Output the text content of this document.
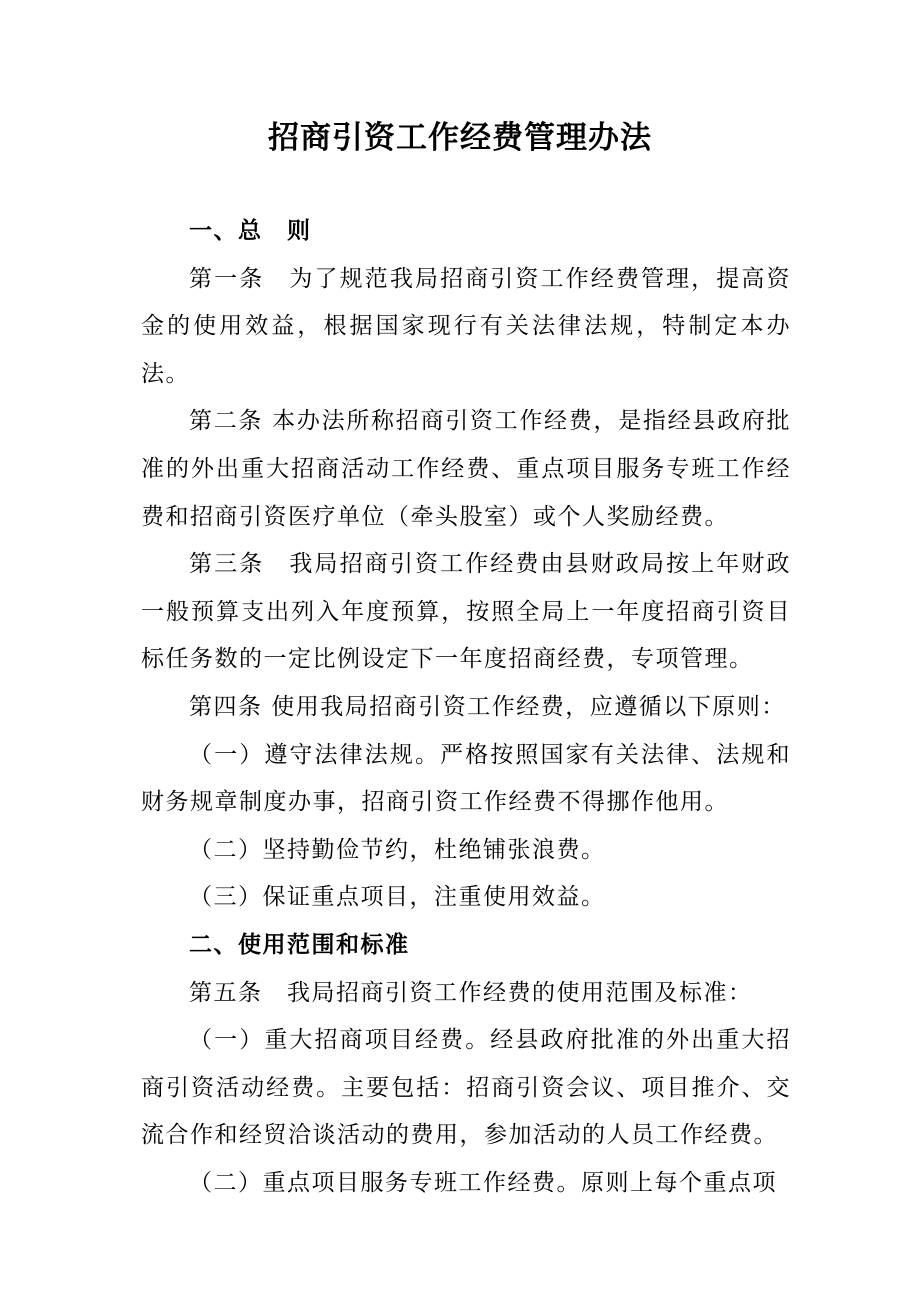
招商引资工作经费管理办法
一、总　则

第一条　为了规范我局招商引资工作经费管理，提高资金的使用效益，根据国家现行有关法律法规，特制定本办法。

第二条 本办法所称招商引资工作经费，是指经县政府批准的外出重大招商活动工作经费、重点项目服务专班工作经费和招商引资医疗单位（牵头股室）或个人奖励经费。

第三条　我局招商引资工作经费由县财政局按上年财政一般预算支出列入年度预算，按照全局上一年度招商引资目标任务数的一定比例设定下一年度招商经费，专项管理。

第四条 使用我局招商引资工作经费，应遵循以下原则：

（一）遵守法律法规。严格按照国家有关法律、法规和财务规章制度办事，招商引资工作经费不得挪作他用。

（二）坚持勤俭节约，杜绝铺张浪费。

（三）保证重点项目，注重使用效益。

二、使用范围和标准

第五条　我局招商引资工作经费的使用范围及标准：

（一）重大招商项目经费。经县政府批准的外出重大招商引资活动经费。主要包括：招商引资会议、项目推介、交流合作和经贸洽谈活动的费用，参加活动的人员工作经费。

（二）重点项目服务专班工作经费。原则上每个重点项
